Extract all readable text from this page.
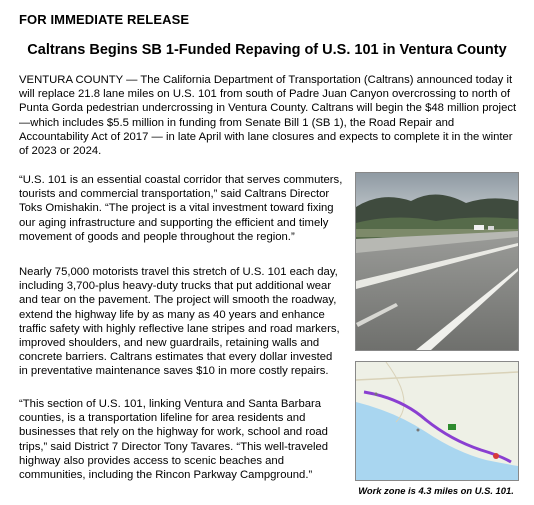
FOR IMMEDIATE RELEASE
Caltrans Begins SB 1-Funded Repaving of U.S. 101 in Ventura County

VENTURA COUNTY — The California Department of Transportation (Caltrans) announced today it will replace 21.8 lane miles on U.S. 101 from south of Padre Juan Canyon overcrossing to north of Punta Gorda pedestrian undercrossing in Ventura County. Caltrans will begin the $48 million project —which includes $5.5 million in funding from Senate Bill 1 (SB 1), the Road Repair and Accountability Act of 2017 — in late April with lane closures and expects to complete it in the winter of 2023 or 2024.

“U.S. 101 is an essential coastal corridor that serves commuters, tourists and commercial transportation,” said Caltrans Director Toks Omishakin. “The project is a vital investment toward fixing our aging infrastructure and supporting the efficient and timely movement of goods and people throughout the region.”

Nearly 75,000 motorists travel this stretch of U.S. 101 each day, including 3,700-plus heavy-duty trucks that put additional wear and tear on the pavement. The project will smooth the roadway, extend the highway life by as many as 40 years and enhance traffic safety with highly reflective lane stripes and road markers, improved shoulders, and new guardrails, retaining walls and concrete barriers. Caltrans estimates that every dollar invested in preventative maintenance saves $10 in more costly repairs.

“This section of U.S. 101, linking Ventura and Santa Barbara counties, is a transportation lifeline for area residents and businesses that rely on the highway for work, school and road trips,” said District 7 Director Tony Tavares. “This well-traveled highway also provides access to scenic beaches and communities, including the Rincon Parkway Campground.”

Work zone is 4.3 miles on U.S. 101.
